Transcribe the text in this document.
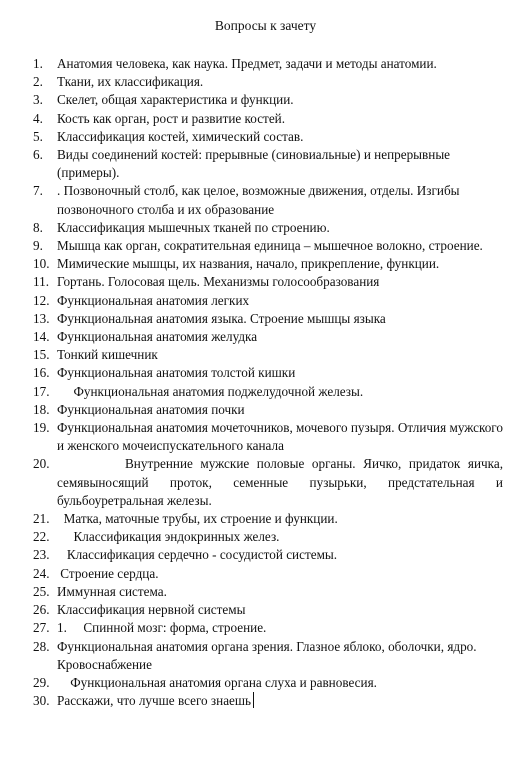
Вопросы к зачету
1. Анатомия человека, как наука. Предмет, задачи и методы анатомии.
2. Ткани, их классификация.
3. Скелет, общая характеристика и функции.
4. Кость как орган, рост и развитие костей.
5. Классификация костей, химический состав.
6. Виды соединений костей: прерывные (синовиальные) и непрерывные (примеры).
7. . Позвоночный столб, как целое, возможные движения, отделы. Изгибы позвоночного столба и их образование
8. Классификация мышечных тканей по строению.
9. Мышца как орган, сократительная единица – мышечное волокно, строение.
10. Мимические мышцы, их названия, начало, прикрепление, функции.
11. Гортань. Голосовая щель. Механизмы голосообразования
12. Функциональная анатомия легких
13. Функциональная анатомия языка. Строение мышцы языка
14. Функциональная анатомия желудка
15. Тонкий кишечник
16. Функциональная анатомия толстой кишки
17. Функциональная анатомия поджелудочной железы.
18. Функциональная анатомия почки
19. Функциональная анатомия мочеточников, мочевого пузыря. Отличия мужского и женского мочеиспускательного канала
20. Внутренние мужские половые органы. Яичко, придаток яичка, семявыносящий проток, семенные пузырьки, предстательная и бульбоуретральная железы.
21. Матка, маточные трубы, их строение и функции.
22. Классификация эндокринных желез.
23. Классификация сердечно - сосудистой системы.
24. Строение сердца.
25. Иммунная система.
26. Классификация нервной системы
27. 1.     Спинной мозг: форма, строение.
28. Функциональная анатомия органа зрения. Глазное яблоко, оболочки, ядро. Кровоснабжение
29. Функциональная анатомия органа слуха и равновесия.
30. Расскажи, что лучше всего знаешь
